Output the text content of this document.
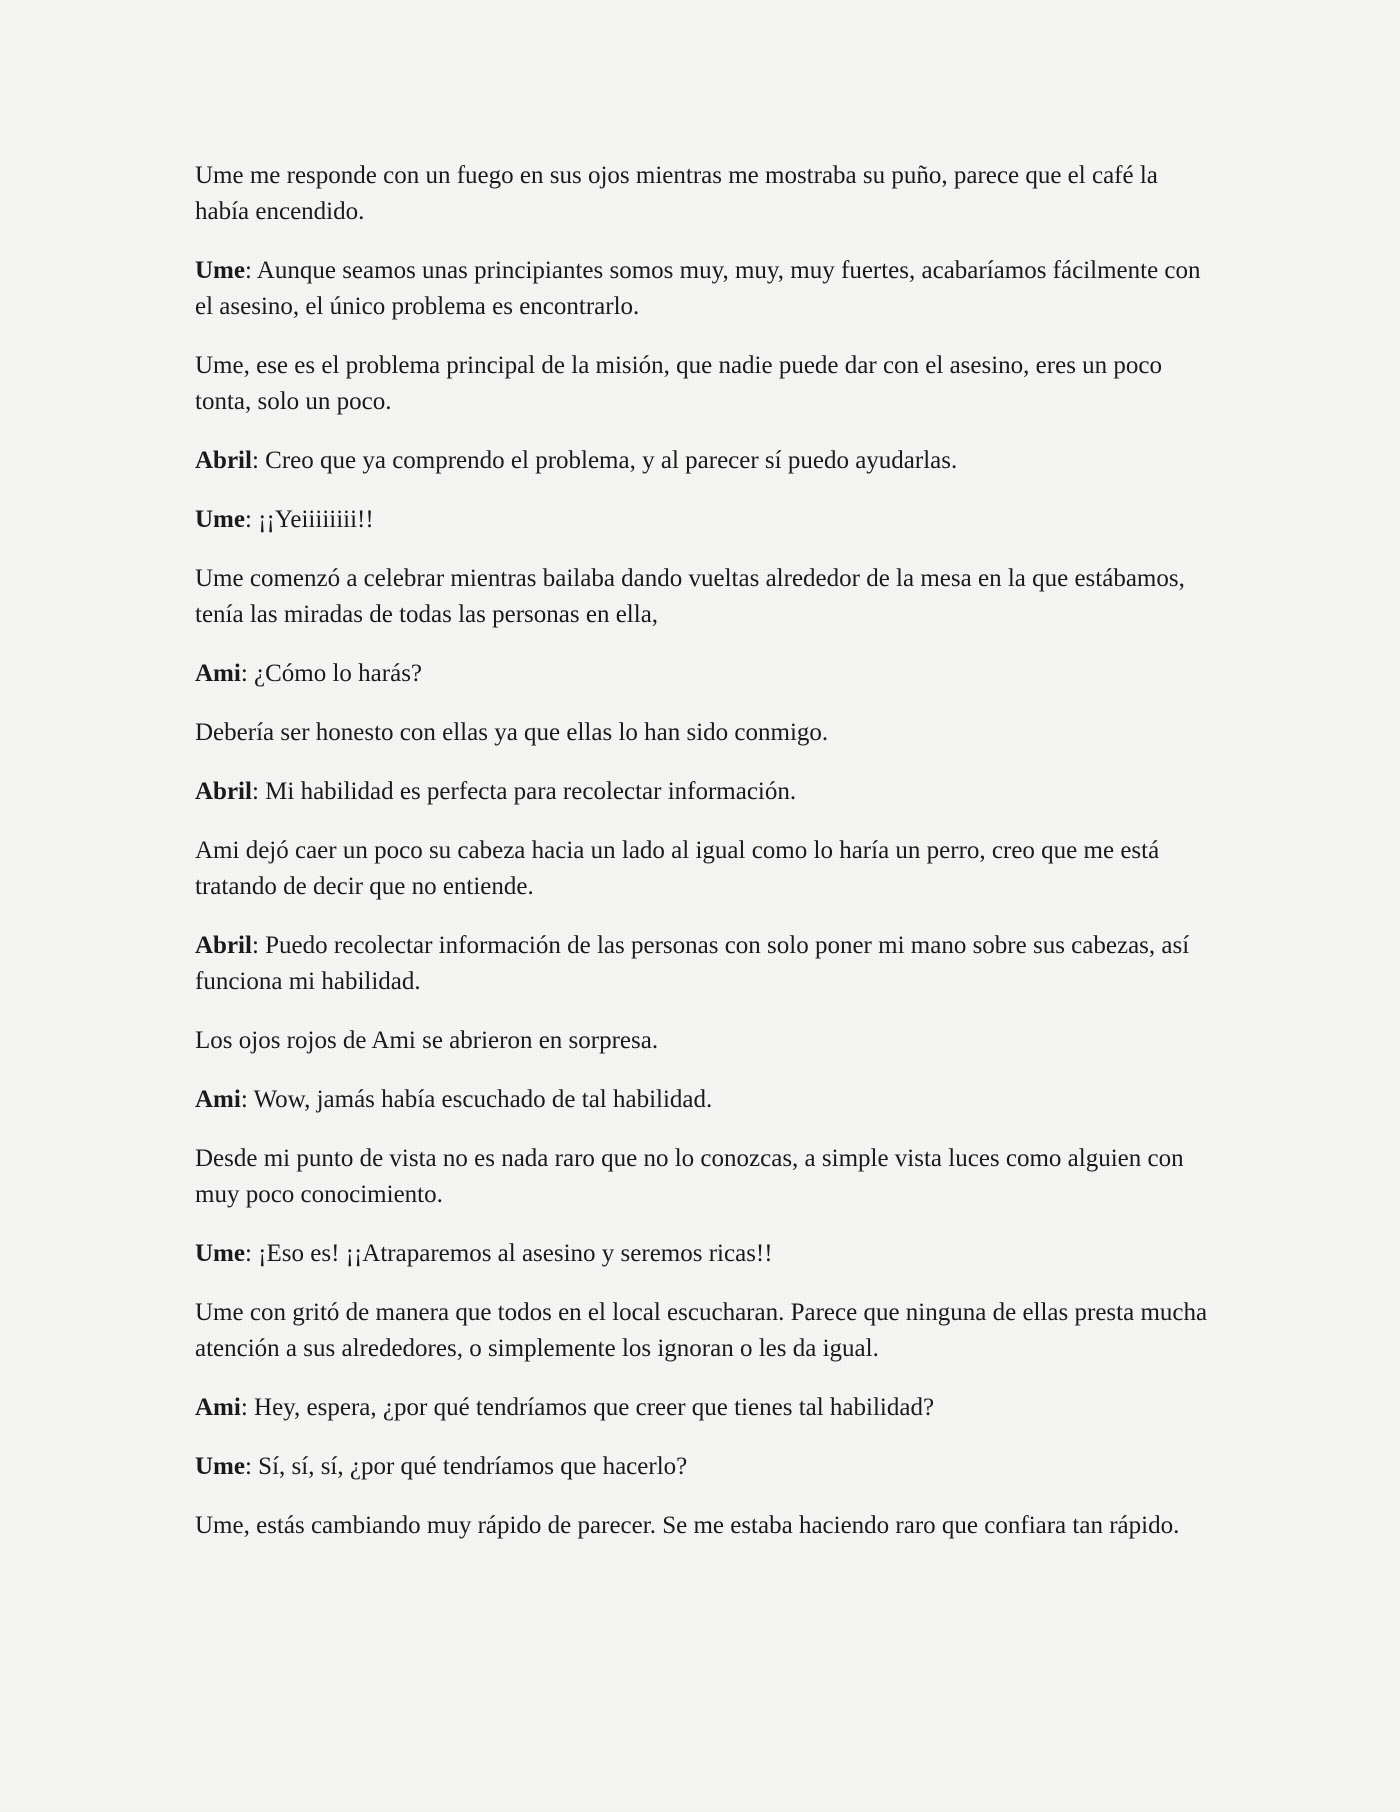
Ume me responde con un fuego en sus ojos mientras me mostraba su puño, parece que el café la había encendido.

Ume: Aunque seamos unas principiantes somos muy, muy, muy fuertes, acabaríamos fácilmente con el asesino, el único problema es encontrarlo.

Ume, ese es el problema principal de la misión, que nadie puede dar con el asesino, eres un poco tonta, solo un poco.

Abril: Creo que ya comprendo el problema, y al parecer sí puedo ayudarlas.

Ume: ¡¡Yeiiiiiiii!!

Ume comenzó a celebrar mientras bailaba dando vueltas alrededor de la mesa en la que estábamos, tenía las miradas de todas las personas en ella,

Ami: ¿Cómo lo harás?

Debería ser honesto con ellas ya que ellas lo han sido conmigo.

Abril: Mi habilidad es perfecta para recolectar información.

Ami dejó caer un poco su cabeza hacia un lado al igual como lo haría un perro, creo que me está tratando de decir que no entiende.

Abril: Puedo recolectar información de las personas con solo poner mi mano sobre sus cabezas, así funciona mi habilidad.

Los ojos rojos de Ami se abrieron en sorpresa.

Ami: Wow, jamás había escuchado de tal habilidad.

Desde mi punto de vista no es nada raro que no lo conozcas, a simple vista luces como alguien con muy poco conocimiento.

Ume: ¡Eso es! ¡¡Atraparemos al asesino y seremos ricas!!

Ume con gritó de manera que todos en el local escucharan. Parece que ninguna de ellas presta mucha atención a sus alrededores, o simplemente los ignoran o les da igual.

Ami: Hey, espera, ¿por qué tendríamos que creer que tienes tal habilidad?

Ume: Sí, sí, sí, ¿por qué tendríamos que hacerlo?

Ume, estás cambiando muy rápido de parecer. Se me estaba haciendo raro que confiara tan rápido.
